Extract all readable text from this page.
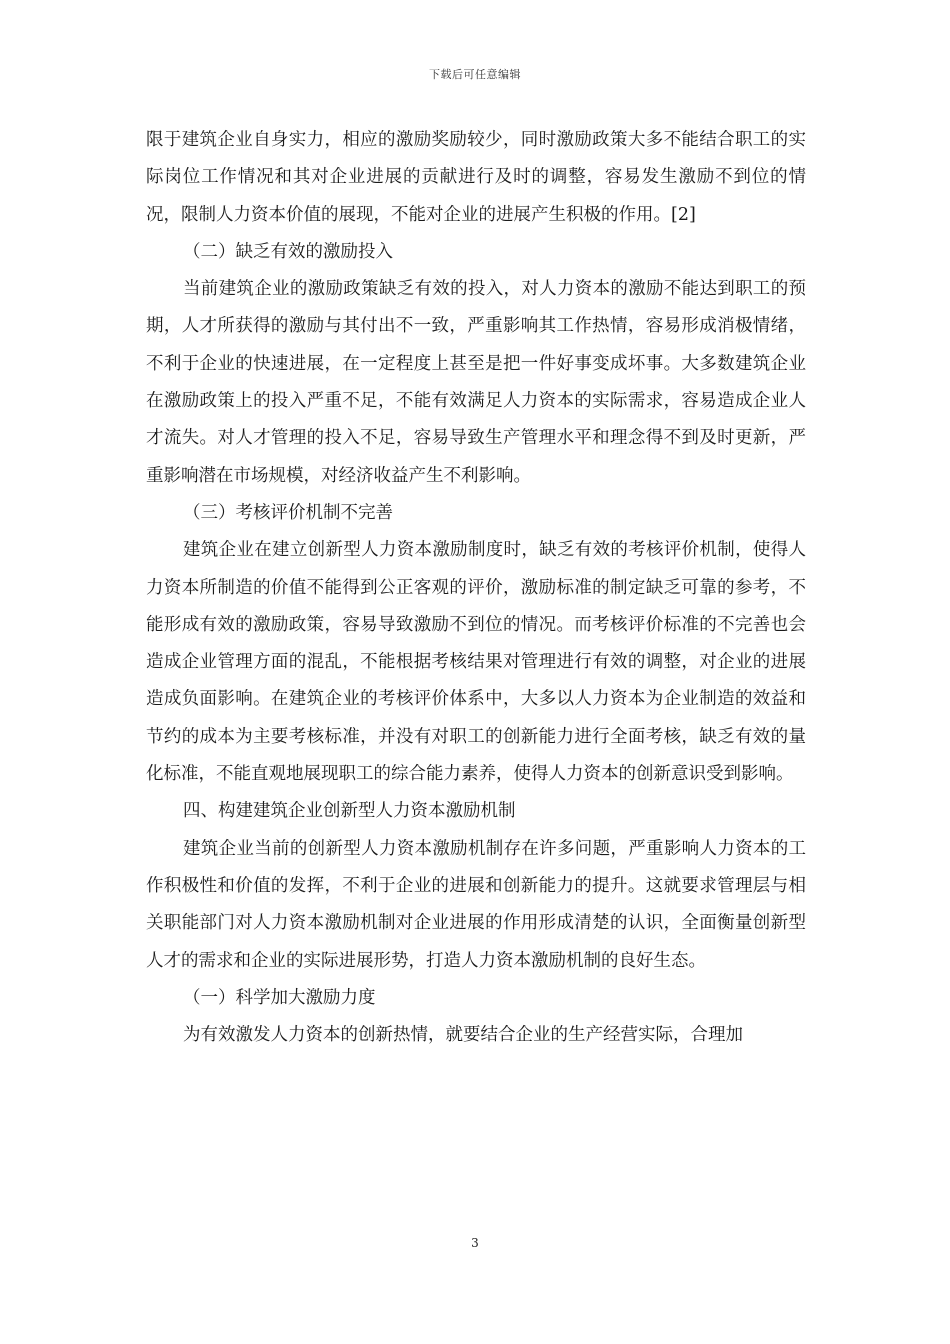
下载后可任意编辑

限于建筑企业自身实力，相应的激励奖励较少，同时激励政策大多不能结合职工的实际岗位工作情况和其对企业进展的贡献进行及时的调整，容易发生激励不到位的情况，限制人力资本价值的展现，不能对企业的进展产生积极的作用。[2]

（二）缺乏有效的激励投入

当前建筑企业的激励政策缺乏有效的投入，对人力资本的激励不能达到职工的预期，人才所获得的激励与其付出不一致，严重影响其工作热情，容易形成消极情绪，不利于企业的快速进展，在一定程度上甚至是把一件好事变成坏事。大多数建筑企业在激励政策上的投入严重不足，不能有效满足人力资本的实际需求，容易造成企业人才流失。对人才管理的投入不足，容易导致生产管理水平和理念得不到及时更新，严重影响潜在市场规模，对经济收益产生不利影响。

（三）考核评价机制不完善

建筑企业在建立创新型人力资本激励制度时，缺乏有效的考核评价机制，使得人力资本所制造的价值不能得到公正客观的评价，激励标准的制定缺乏可靠的参考，不能形成有效的激励政策，容易导致激励不到位的情况。而考核评价标准的不完善也会造成企业管理方面的混乱，不能根据考核结果对管理进行有效的调整，对企业的进展造成负面影响。在建筑企业的考核评价体系中，大多以人力资本为企业制造的效益和节约的成本为主要考核标准，并没有对职工的创新能力进行全面考核，缺乏有效的量化标准，不能直观地展现职工的综合能力素养，使得人力资本的创新意识受到影响。

四、构建建筑企业创新型人力资本激励机制

建筑企业当前的创新型人力资本激励机制存在许多问题，严重影响人力资本的工作积极性和价值的发挥，不利于企业的进展和创新能力的提升。这就要求管理层与相关职能部门对人力资本激励机制对企业进展的作用形成清楚的认识，全面衡量创新型人才的需求和企业的实际进展形势，打造人力资本激励机制的良好生态。

（一）科学加大激励力度

为有效激发人力资本的创新热情，就要结合企业的生产经营实际，合理加

3
